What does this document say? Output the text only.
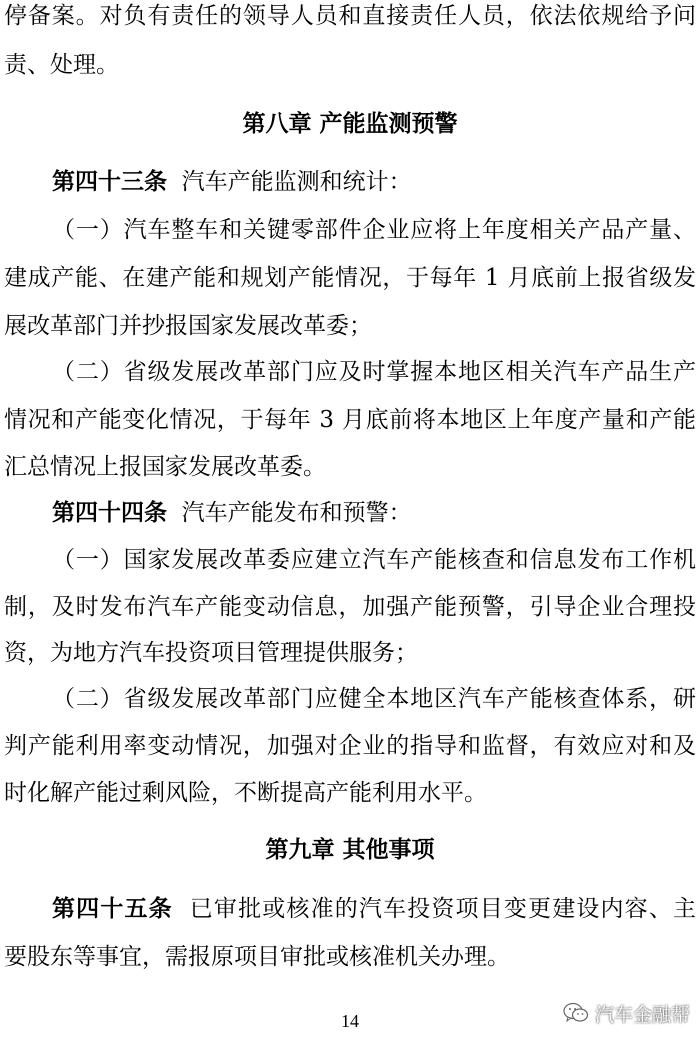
停备案。对负有责任的领导人员和直接责任人员，依法依规给予问
责、处理。
第八章 产能监测预警
第四十三条 汽车产能监测和统计：
（一）汽车整车和关键零部件企业应将上年度相关产品产量、
建成产能、在建产能和规划产能情况，于每年 1 月底前上报省级发
展改革部门并抄报国家发展改革委；
（二）省级发展改革部门应及时掌握本地区相关汽车产品生产
情况和产能变化情况，于每年 3 月底前将本地区上年度产量和产能
汇总情况上报国家发展改革委。
第四十四条 汽车产能发布和预警：
（一）国家发展改革委应建立汽车产能核查和信息发布工作机
制，及时发布汽车产能变动信息，加强产能预警，引导企业合理投
资，为地方汽车投资项目管理提供服务；
（二）省级发展改革部门应健全本地区汽车产能核查体系，研
判产能利用率变动情况，加强对企业的指导和监督，有效应对和及
时化解产能过剩风险，不断提高产能利用水平。
第九章 其他事项
第四十五条 已审批或核准的汽车投资项目变更建设内容、主
要股东等事宜，需报原项目审批或核准机关办理。
14	汽车金融帮
